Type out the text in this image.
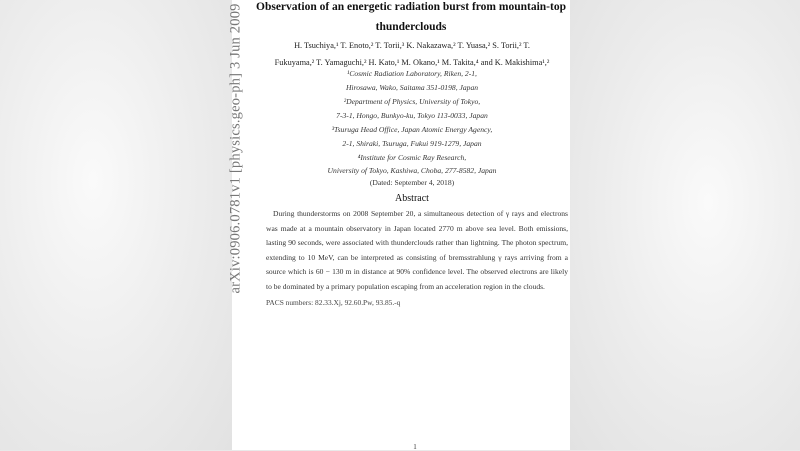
arXiv:0906.0781v1 [physics.geo-ph] 3 Jun 2009	Observation of an energetic radiation burst from mountain-top
thunderclouds
H. Tsuchiya,¹ T. Enoto,² T. Torii,³ K. Nakazawa,² T. Yuasa,² S. Torii,² T.
Fukuyama,² T. Yamaguchi,² H. Kato,¹ M. Okano,¹ M. Takita,⁴ and K. Makishima¹,²
¹Cosmic Radiation Laboratory, Riken, 2-1,
Hirosawa, Wako, Saitama 351-0198, Japan
²Department of Physics, University of Tokyo,
7-3-1, Hongo, Bunkyo-ku, Tokyo 113-0033, Japan
³Tsuruga Head Office, Japan Atomic Energy Agency,
2-1, Shiraki, Tsuruga, Fukui 919-1279, Japan
⁴Institute for Cosmic Ray Research,
University of Tokyo, Kashiwa, Choba, 277-8582, Japan
(Dated: September 4, 2018)
Abstract

During thunderstorms on 2008 September 20, a simultaneous detection of γ rays and electrons was made at a mountain observatory in Japan located 2770 m above sea level. Both emissions, lasting 90 seconds, were associated with thunderclouds rather than lightning. The photon spectrum, extending to 10 MeV, can be interpreted as consisting of bremsstrahlung γ rays arriving from a source which is 60 − 130 m in distance at 90% confidence level. The observed electrons are likely to be dominated by a primary population escaping from an acceleration region in the clouds.

PACS numbers: 82.33.Xj, 92.60.Pw, 93.85.-q
1
